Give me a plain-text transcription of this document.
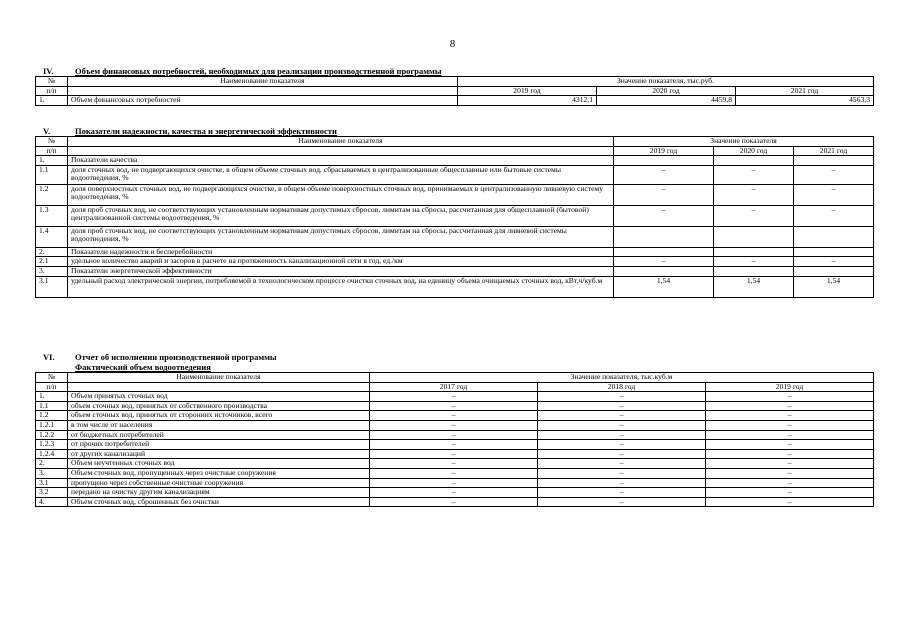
8
IV.	Объем финансовых потребностей, необходимых для реализации производственной программы
№	Наименование показателя	Значение показателя, тыс.руб.		
п/п		2019 год	2020 год	2021 год
1.	Объем финансовых потребностей	4312,1	4459,8	4563,3
V.	Показатели надежности, качества и энергетической эффективности
№	Наименование показателя	Значение показателя		
п/п		2019 год	2020 год	2021 год
1.	Показатели качества			
1.1	доля сточных вод, не подвергающихся очистке, в общем объеме сточных вод, сбрасываемых в централизованные общесплавные или бытовые системы водоотведения, %	–	–	–
1.2	доля поверхностных сточных вод, не подвергающихся очистке, в общем объеме поверхностных сточных вод, принимаемых в централизованную ливневую систему водоотведения, %	–	–	–
1.3	доля проб сточных вод, не соответствующих установленным нормативам допустимых сбросов, лимитам на сбросы, рассчитанная для общесплавной (бытовой) централизованной системы водоотведения, %	–	–	–
1.4	доля проб сточных вод, не соответствующих установленным нормативам допустимых сбросов, лимитам на сбросы, рассчитанная для ливневой системы водоотведения, %			
2.	Показатели надежности и бесперебойности			
2.1	удельное количество аварий и засоров в расчете на протяженность канализационной сети в год, ед./км	–	–	–
3.	Показатели энергетической эффективности			
3.1	удельный расход электрической энергии, потребляемой в технологическом процессе очистки сточных вод, на единицу объема очищаемых сточных вод, кВт.ч/куб.м	1,54	1,54	1,54
VI. Отчет об исполнении производственной программы
Фактический объем водоотведения
№	Наименование показателя	Значение показателя, тыс.куб.м		
п/п		2017 год	2018 год	2019 год
1.	Объем принятых сточных вод	–	–	–
1.1	объем сточных вод, принятых от собственного производства	–	–	–
1.2	объем сточных вод, принятых от сторонних источников, всего	–	–	–
1.2.1	в том числе от населения	–	–	–
1.2.2	от бюджетных потребителей	–	–	–
1.2.3	от прочих потребителей	–	–	–
1.2.4	от других канализаций	–	–	–
2.	Объем неучтенных сточных вод	–	–	–
3.	Объем сточных вод, пропущенных через очистные сооружения	–	–	–
3.1	пропущено через собственные очистные сооружения	–	–	–
3.2	передано на очистку другим канализациям	–	–	–
4.	Объем сточных вод, сброшенных без очистки	–	–	–
